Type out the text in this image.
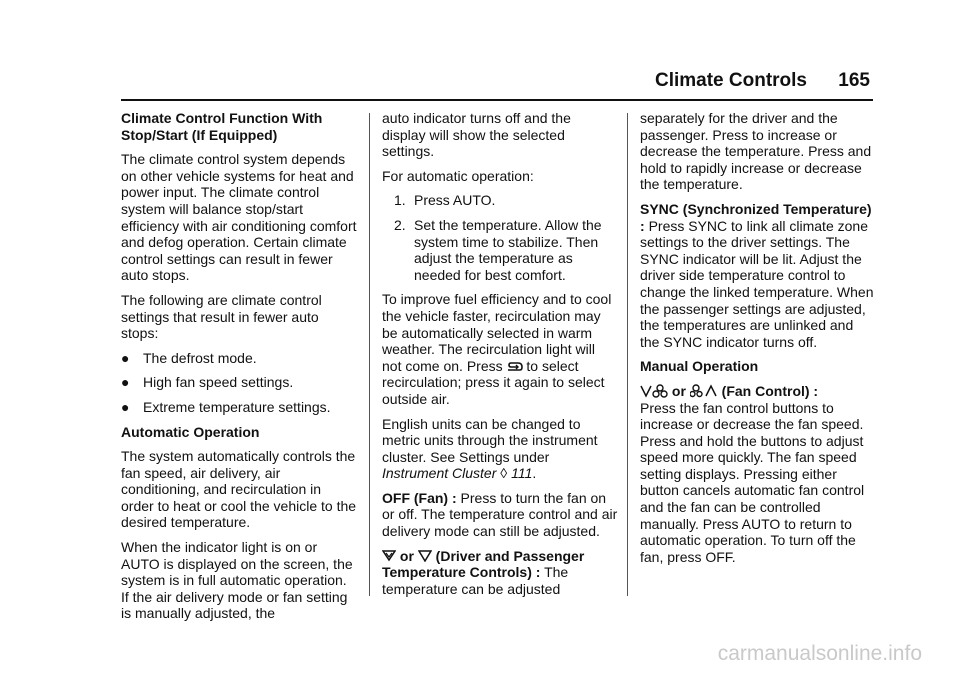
Climate Controls 165
Climate Control Function With Stop/Start (If Equipped)

The climate control system depends on other vehicle systems for heat and power input. The climate control system will balance stop/start efficiency with air conditioning comfort and defog operation. Certain climate control settings can result in fewer auto stops.

The following are climate control settings that result in fewer auto stops:

● The defrost mode.
● High fan speed settings.
● Extreme temperature settings.
Automatic Operation

The system automatically controls the fan speed, air delivery, air conditioning, and recirculation in order to heat or cool the vehicle to the desired temperature.

When the indicator light is on or AUTO is displayed on the screen, the system is in full automatic operation. If the air delivery mode or fan setting is manually adjusted, the

auto indicator turns off and the display will show the selected settings.

For automatic operation:

1. Press AUTO.
2. Set the temperature. Allow the system time to stabilize. Then adjust the temperature as needed for best comfort.

To improve fuel efficiency and to cool the vehicle faster, recirculation may be automatically selected in warm weather. The recirculation light will not come on. Press to select recirculation; press it again to select outside air.

English units can be changed to metric units through the instrument cluster. See Settings under Instrument Cluster ◊ 111.

OFF (Fan) : Press to turn the fan on or off. The temperature control and air delivery mode can still be adjusted.

or (Driver and Passenger Temperature Controls) : The temperature can be adjusted

separately for the driver and the passenger. Press to increase or decrease the temperature. Press and hold to rapidly increase or decrease the temperature.

SYNC (Synchronized Temperature) : Press SYNC to link all climate zone settings to the driver settings. The SYNC indicator will be lit. Adjust the driver side temperature control to change the linked temperature. When the passenger settings are adjusted, the temperatures are unlinked and the SYNC indicator turns off.

Manual Operation

or	(Fan Control) :
Press the fan control buttons to increase or decrease the fan speed. Press and hold the buttons to adjust speed more quickly. The fan speed setting displays. Pressing either button cancels automatic fan control and the fan can be controlled manually. Press AUTO to return to automatic operation. To turn off the fan, press OFF.

carmanualsonline.info
